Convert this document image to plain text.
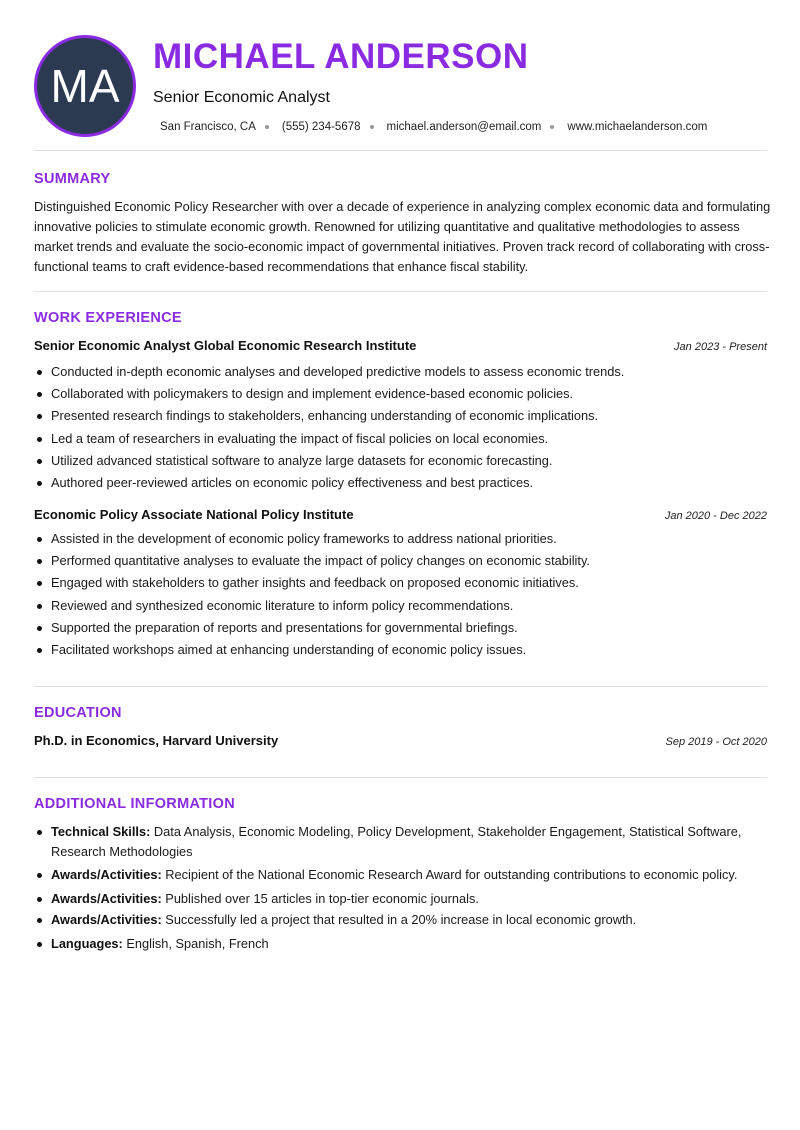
MA
MICHAEL ANDERSON
Senior Economic Analyst
San Francisco, CA (555) 234-5678 michael.anderson@email.com www.michaelanderson.com
SUMMARY

Distinguished Economic Policy Researcher with over a decade of experience in analyzing complex economic data and formulating innovative policies to stimulate economic growth. Renowned for utilizing quantitative and qualitative methodologies to assess market trends and evaluate the socio-economic impact of governmental initiatives. Proven track record of collaborating with cross-functional teams to craft evidence-based recommendations that enhance fiscal stability.

WORK EXPERIENCE
Senior Economic Analyst Global Economic Research Institute	Jan 2023 - Present
Conducted in-depth economic analyses and developed predictive models to assess economic trends.
Collaborated with policymakers to design and implement evidence-based economic policies.
Presented research findings to stakeholders, enhancing understanding of economic implications.
Led a team of researchers in evaluating the impact of fiscal policies on local economies.
Utilized advanced statistical software to analyze large datasets for economic forecasting.
Authored peer-reviewed articles on economic policy effectiveness and best practices.
Economic Policy Associate National Policy Institute	Jan 2020 - Dec 2022
Assisted in the development of economic policy frameworks to address national priorities.
Performed quantitative analyses to evaluate the impact of policy changes on economic stability.
Engaged with stakeholders to gather insights and feedback on proposed economic initiatives.
Reviewed and synthesized economic literature to inform policy recommendations.
Supported the preparation of reports and presentations for governmental briefings.
Facilitated workshops aimed at enhancing understanding of economic policy issues.
EDUCATION
Ph.D. in Economics, Harvard University	Sep 2019 - Oct 2020
ADDITIONAL INFORMATION
Technical Skills: Data Analysis, Economic Modeling, Policy Development, Stakeholder Engagement, Statistical Software, Research Methodologies
Awards/Activities: Recipient of the National Economic Research Award for outstanding contributions to economic policy.
Awards/Activities: Published over 15 articles in top-tier economic journals.
Awards/Activities: Successfully led a project that resulted in a 20% increase in local economic growth.
Languages: English, Spanish, French
